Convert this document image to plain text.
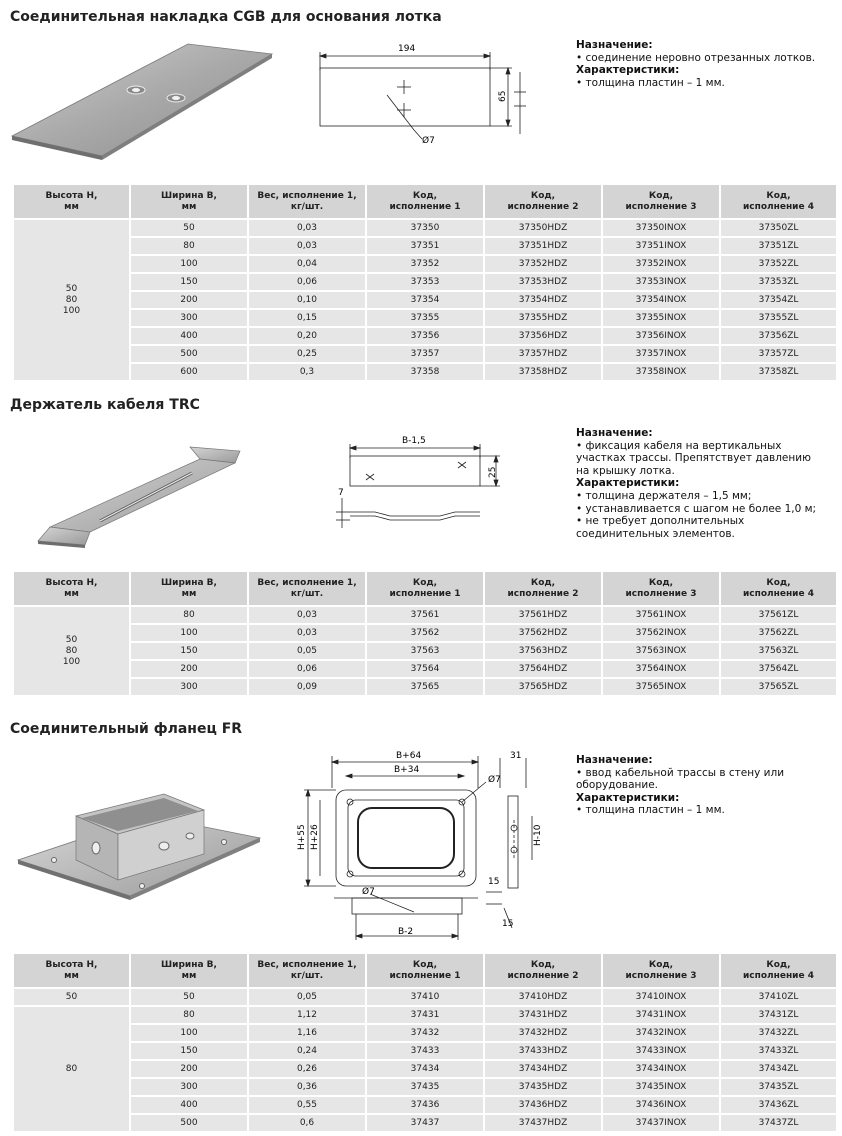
Соединительная накладка CGB для основания лотка
194
65
Ø7
Назначение:
• соединение неровно отрезанных лотков.
Характеристики:
• толщина пластин – 1 мм.
Высота Н,
мм	Ширина В,
мм	Вес, исполнение 1,
кг/шт.	Код,
исполнение 1	Код,
исполнение 2	Код,
исполнение 3	Код,
исполнение 4

50
80
100	50	0,03	37350	37350HDZ	37350INOX	37350ZL
	80	0,03	37351	37351HDZ	37351INOX	37351ZL
	100	0,04	37352	37352HDZ	37352INOX	37352ZL
	150	0,06	37353	37353HDZ	37353INOX	37353ZL
	200	0,10	37354	37354HDZ	37354INOX	37354ZL
	300	0,15	37355	37355HDZ	37355INOX	37355ZL
	400	0,20	37356	37356HDZ	37356INOX	37356ZL
	500	0,25	37357	37357HDZ	37357INOX	37357ZL
	600	0,3	37358	37358HDZ	37358INOX	37358ZL
Держатель кабеля TRC
B-1,5
25
7
Назначение:
• фиксация кабеля на вертикальных
участках трассы. Препятствует давлению
на крышку лотка.
Характеристики:
• толщина держателя – 1,5 мм;
• устанавливается с шагом не более 1,0 м;
• не требует дополнительных
соединительных элементов.
Высота Н,
мм	Ширина В,
мм	Вес, исполнение 1,
кг/шт.	Код,
исполнение 1	Код,
исполнение 2	Код,
исполнение 3	Код,
исполнение 4

50
80
100	80	0,03	37561	37561HDZ	37561INOX	37561ZL
	100	0,03	37562	37562HDZ	37562INOX	37562ZL
	150	0,05	37563	37563HDZ	37563INOX	37563ZL
	200	0,06	37564	37564HDZ	37564INOX	37564ZL
	300	0,09	37565	37565HDZ	37565INOX	37565ZL
Соединительный фланец FR
B+64
B+34
H+55 H+26
Ø7
31
H-10
15
15
Ø7
B-2
Назначение:
• ввод кабельной трассы в стену или
оборудование.
Характеристики:
• толщина пластин – 1 мм.
Высота Н,
мм	Ширина В,
мм	Вес, исполнение 1,
кг/шт.	Код,
исполнение 1	Код,
исполнение 2	Код,
исполнение 3	Код,
исполнение 4

50	50	0,05	37410	37410HDZ	37410INOX	37410ZL

80	80	1,12	37431	37431HDZ	37431INOX	37431ZL
	100	1,16	37432	37432HDZ	37432INOX	37432ZL
	150	0,24	37433	37433HDZ	37433INOX	37433ZL
	200	0,26	37434	37434HDZ	37434INOX	37434ZL
	300	0,36	37435	37435HDZ	37435INOX	37435ZL
	400	0,55	37436	37436HDZ	37436INOX	37436ZL
	500	0,6	37437	37437HDZ	37437INOX	37437ZL
